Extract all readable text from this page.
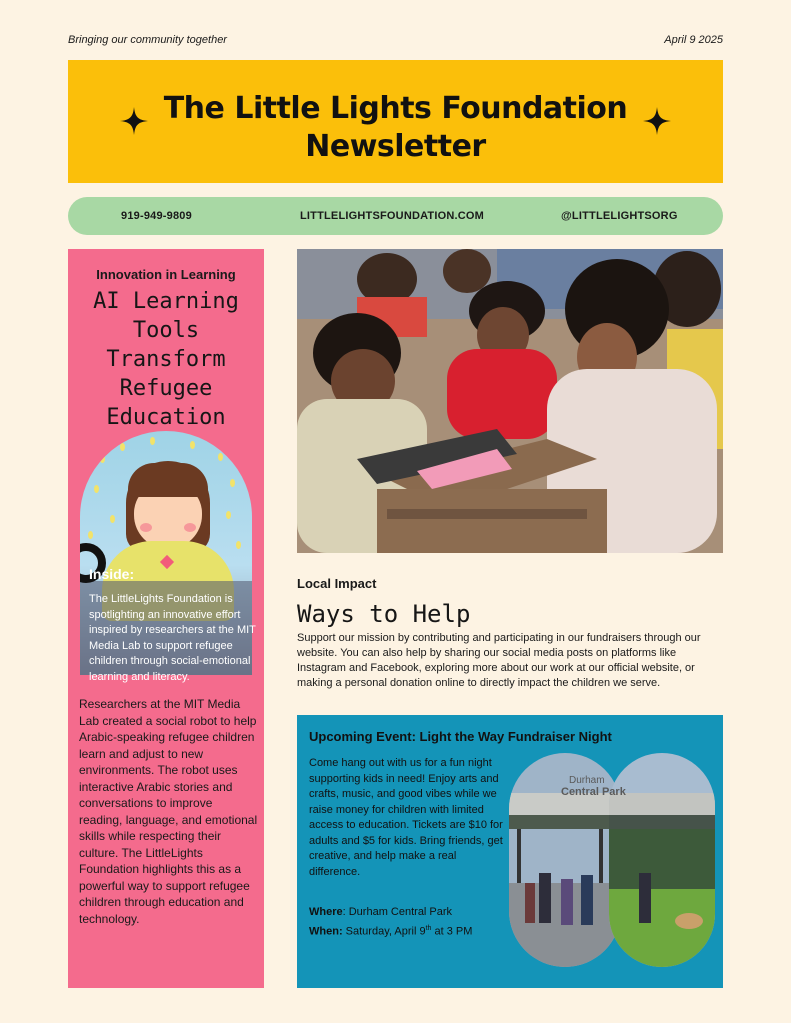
Bringing our community together	April 9 2025
The Little Lights Foundation
Newsletter
919-949-9809	LITTLELIGHTSFOUNDATION.COM	@LITTLELIGHTSORG
Innovation in Learning
AI Learning Tools Transform Refugee Education
Inside:
The LittleLights Foundation is spotlighting an innovative effort inspired by researchers at the MIT Media Lab to support refugee children through social-emotional learning and literacy.
Researchers at the MIT Media Lab created a social robot to help Arabic-speaking refugee children learn and adjust to new environments. The robot uses interactive Arabic stories and conversations to improve reading, language, and emotional skills while respecting their culture. The LittleLights Foundation highlights this as a powerful way to support refugee children through education and technology.
Local Impact
Ways to Help
Support our mission by contributing and participating in our fundraisers through our website. You can also help by sharing our social media posts on platforms like Instagram and Facebook, exploring more about our work at our official website, or making a personal donation online to directly impact the children we serve.
Upcoming Event: Light the Way Fundraiser Night
Come hang out with us for a fun night supporting kids in need! Enjoy arts and crafts, music, and good vibes while we raise money for children with limited access to education. Tickets are $10 for adults and $5 for kids. Bring friends, get creative, and help make a real difference.
Where: Durham Central Park
When: Saturday, April 9th at 3 PM
Durham
Central Park
